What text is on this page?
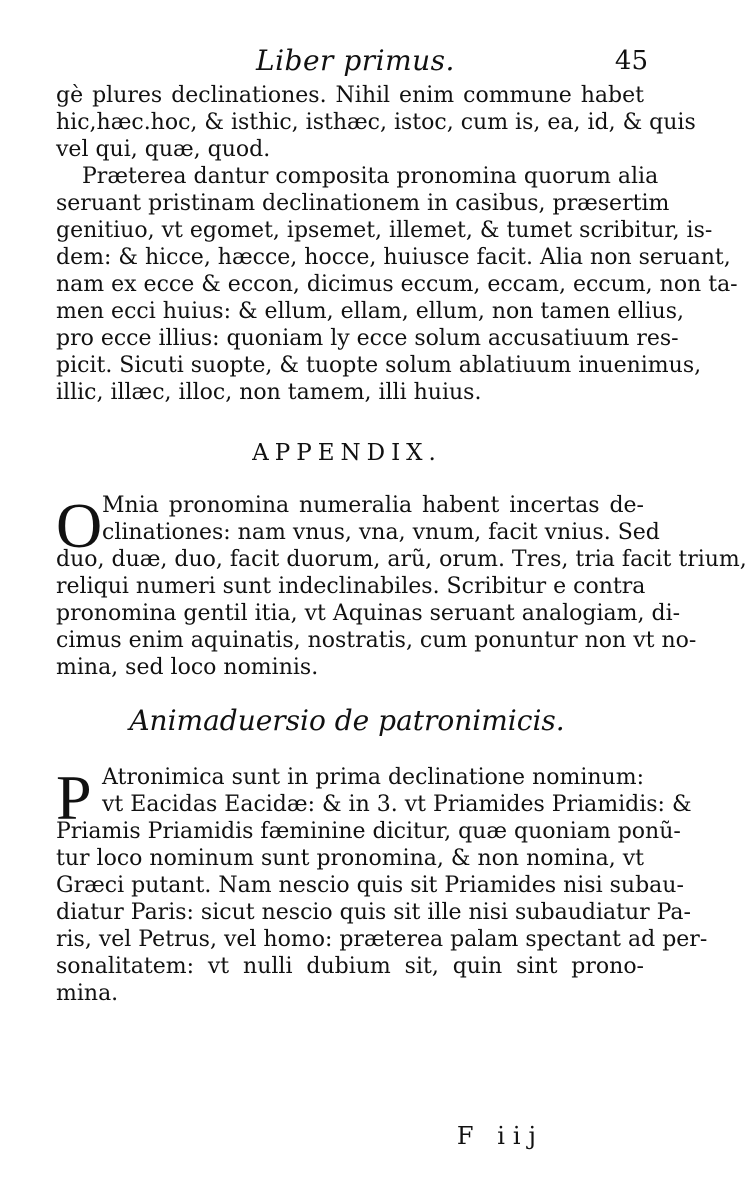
Liber primus.	45
gè plures declinationes. Nihil enim commune habet
hic,hæc.hoc, & isthic, isthæc, istoc, cum is, ea, id, & quis
vel qui, quæ, quod.
Præterea dantur composita pronomina quorum alia
seruant pristinam declinationem in casibus, præsertim
genitiuo, vt egomet, ipsemet, illemet, & tumet scribitur, is-
dem: & hicce, hæcce, hocce, huiusce facit. Alia non seruant,
nam ex ecce & eccon, dicimus eccum, eccam, eccum, non ta-
men ecci huius: & ellum, ellam, ellum, non tamen ellius,
pro ecce illius: quoniam ly ecce solum accusatiuum res-
picit. Sicuti suopte, & tuopte solum ablatiuum inuenimus,
illic, illæc, illoc, non tamem, illi huius.
APPENDIX.
O Mnia pronomina numeralia habent incertas de-
clinationes: nam vnus, vna, vnum, facit vnius. Sed
duo, duæ, duo, facit duorum, arũ, orum. Tres, tria facit trium,
reliqui numeri sunt indeclinabiles. Scribitur e contra
pronomina gentil itia, vt Aquinas seruant analogiam, di-
cimus enim aquinatis, nostratis, cum ponuntur non vt no-
mina, sed loco nominis.
Animaduersio de patronimicis.
P Atronimica sunt in prima declinatione nominum:
vt Eacidas Eacidæ: & in 3. vt Priamides Priamidis: &
Priamis Priamidis fæminine dicitur, quæ quoniam ponũ-
tur loco nominum sunt pronomina, & non nomina, vt
Græci putant. Nam nescio quis sit Priamides nisi subau-
diatur Paris: sicut nescio quis sit ille nisi subaudiatur Pa-
ris, vel Petrus, vel homo: præterea palam spectant ad per-
sonalitatem: vt nulli dubium sit, quin sint prono-
mina.
F iij
